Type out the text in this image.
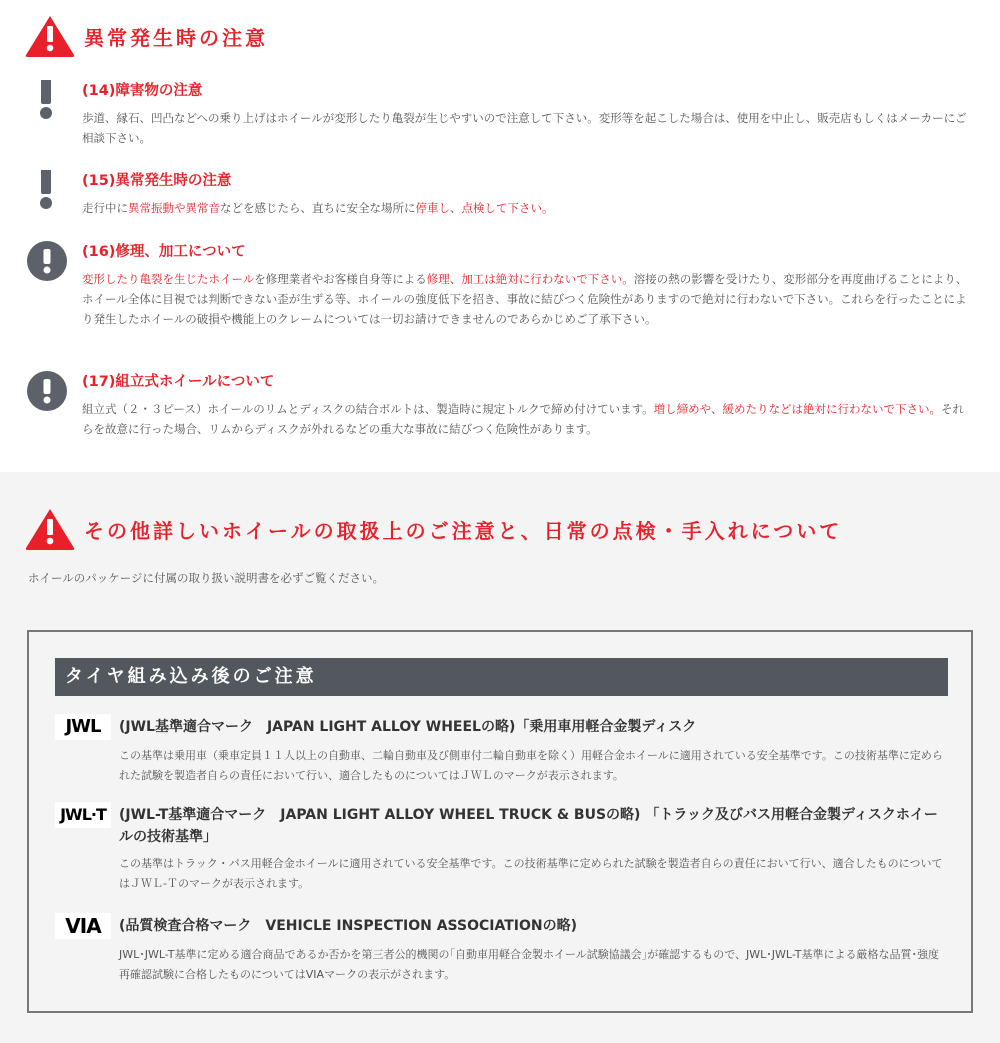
異常発生時の注意
(14)障害物の注意
歩道、縁石、凹凸などへの乗り上げはホイールが変形したり亀裂が生じやすいので注意して下さい。変形等を起こした場合は、使用を中止し、販売店もしくはメーカーにご相談下さい。
(15)異常発生時の注意
走行中に異常振動や異常音などを感じたら、直ちに安全な場所に停車し、点検して下さい。
(16)修理、加工について
変形したり亀裂を生じたホイールを修理業者やお客様自身等による修理、加工は絶対に行わないで下さい。溶接の熱の影響を受けたり、変形部分を再度曲げることにより、ホイール全体に目視では判断できない歪が生ずる等、ホイールの強度低下を招き、事故に結びつく危険性がありますので絶対に行わないで下さい。これらを行ったことにより発生したホイールの破損や機能上のクレームについては一切お請けできませんのであらかじめご了承下さい。
(17)組立式ホイールについて
組立式（２・３ピース）ホイールのリムとディスクの結合ボルトは、製造時に規定トルクで締め付けています。増し締めや、緩めたりなどは絶対に行わないで下さい。それらを故意に行った場合、リムからディスクが外れるなどの重大な事故に結びつく危険性があります。
その他詳しいホイールの取扱上のご注意と、日常の点検・手入れについて
ホイールのパッケージに付属の取り扱い説明書を必ずご覧ください。
タイヤ組み込み後のご注意
JWL	(JWL基準適合マーク　JAPAN LIGHT ALLOY WHEELの略)「乗用車用軽合金製ディスク
この基準は乗用車（乗車定員１１人以上の自動車、二輪自動車及び側車付二輪自動車を除く）用軽合金ホイールに適用されている安全基準です。この技術基準に定められた試験を製造者自らの責任において行い、適合したものについてはＪＷＬのマークが表示されます。
JWL·T (JWL-T基準適合マーク　JAPAN LIGHT ALLOY WHEEL TRUCK & BUSの略) 「トラック及びバス用軽合金製ディスクホイールの技術基準」
この基準はトラック・バス用軽合金ホイールに適用されている安全基準です。この技術基準に定められた試験を製造者自らの責任において行い、適合したものについてはＪＷＬ-Ｔのマークが表示されます。
VIA	(品質検査合格マーク　VEHICLE INSPECTION ASSOCIATIONの略)
JWL･JWL-T基準に定める適合商品であるか否かを第三者公的機関の｢自動車用軽合金製ホイール試験協議会｣が確認するもので、JWL･JWL-T基準による厳格な品質･強度再確認試験に合格したものについてはVIAマークの表示がされます。
